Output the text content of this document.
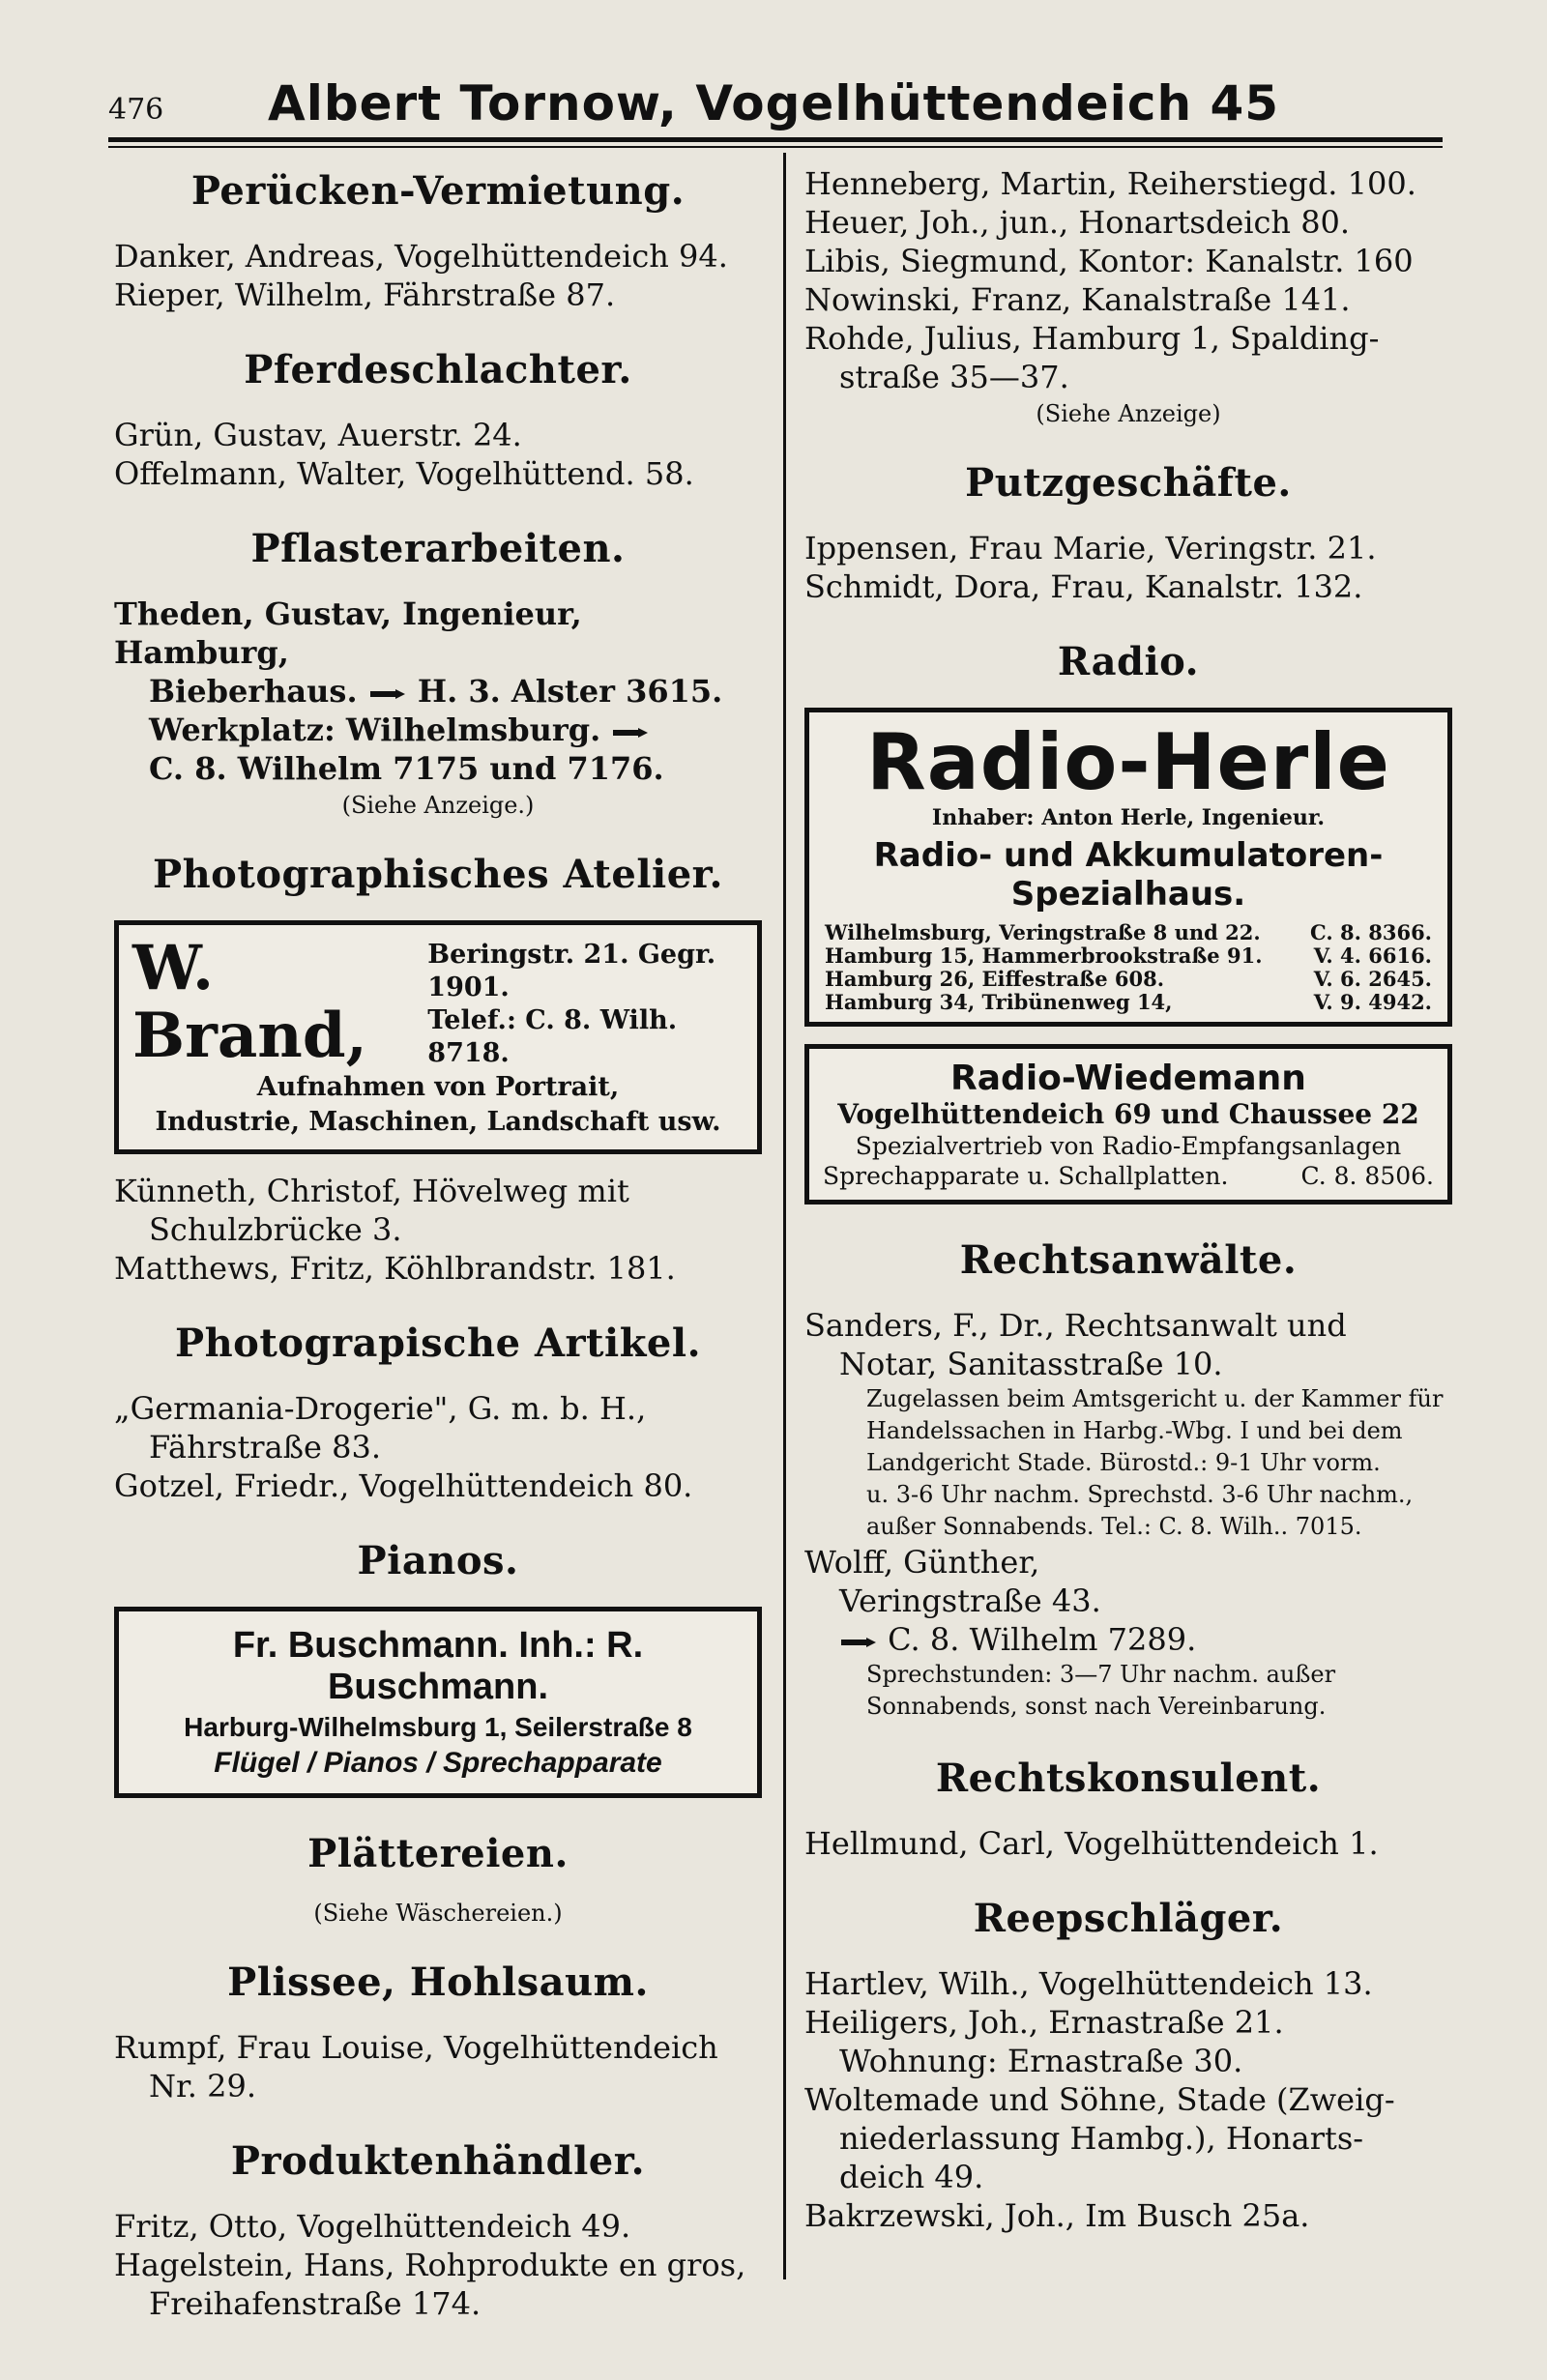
476 Albert Tornow, Vogelhüttendeich 45
Perücken-Vermietung.

Danker, Andreas, Vogelhüttendeich 94.

Rieper, Wilhelm, Fährstraße 87.

Pferdeschlachter.

Grün, Gustav, Auerstr. 24.

Offelmann, Walter, Vogelhüttend. 58.

Pflasterarbeiten.

Theden, Gustav, Ingenieur, Hamburg,

Bieberhaus. H. 3. Alster 3615.

Werkplatz: Wilhelmsburg.

C. 8. Wilhelm 7175 und 7176.

(Siehe Anzeige.)
Photographisches Atelier.
W. Brand,
Beringstr. 21. Gegr. 1901.
Telef.: C. 8. Wilh. 8718.
Aufnahmen von Portrait,
Industrie, Maschinen, Landschaft usw.

Künneth, Christof, Hövelweg mit

Schulzbrücke 3.

Matthews, Fritz, Köhlbrandstr. 181.

Photograpische Artikel.

„Germania-Drogerie", G. m. b. H.,

Fährstraße 83.

Gotzel, Friedr., Vogelhüttendeich 80.

Pianos.
Fr. Buschmann. Inh.: R. Buschmann.
Harburg-Wilhelmsburg 1, Seilerstraße 8
Flügel / Pianos / Sprechapparate
Plättereien.
(Siehe Wäschereien.)
Plissee, Hohlsaum.

Rumpf, Frau Louise, Vogelhüttendeich

Nr. 29.

Produktenhändler.

Fritz, Otto, Vogelhüttendeich 49.

Hagelstein, Hans, Rohprodukte en gros,

Freihafenstraße 174.

Henneberg, Martin, Reiherstiegd. 100.

Heuer, Joh., jun., Honartsdeich 80.

Libis, Siegmund, Kontor: Kanalstr. 160

Nowinski, Franz, Kanalstraße 141.

Rohde, Julius, Hamburg 1, Spalding-

straße 35—37.

(Siehe Anzeige)
Putzgeschäfte.

Ippensen, Frau Marie, Veringstr. 21.

Schmidt, Dora, Frau, Kanalstr. 132.

Radio.
Radio-Herle
Inhaber: Anton Herle, Ingenieur.
Radio- und Akkumulatoren-Spezialhaus.
Wilhelmsburg, Veringstraße 8 und 22. C. 8. 8366.
Hamburg 15, Hammerbrookstraße 91.	V. 4. 6616.
Hamburg 26, Eiffestraße 608.	V. 6. 2645.
Hamburg 34, Tribünenweg 14,	V. 9. 4942.
Radio-Wiedemann
Vogelhüttendeich 69 und Chaussee 22
Spezialvertrieb von Radio-Empfangsanlagen
Sprechapparate u. Schallplatten.	C. 8. 8506.
Rechtsanwälte.

Sanders, F., Dr., Rechtsanwalt und

Notar, Sanitasstraße 10.

Zugelassen beim Amtsgericht u. der Kammer für
Handelssachen in Harbg.-Wbg. I und bei dem
Landgericht Stade. Bürostd.: 9-1 Uhr vorm.
u. 3-6 Uhr nachm. Sprechstd. 3-6 Uhr nachm.,
außer Sonnabends. Tel.: C. 8. Wilh.. 7015.

Wolff, Günther,

Veringstraße 43.

C. 8. Wilhelm 7289.

Sprechstunden: 3—7 Uhr nachm. außer
Sonnabends, sonst nach Vereinbarung.
Rechtskonsulent.

Hellmund, Carl, Vogelhüttendeich 1.

Reepschläger.

Hartlev, Wilh., Vogelhüttendeich 13.

Heiligers, Joh., Ernastraße 21.

Wohnung: Ernastraße 30.

Woltemade und Söhne, Stade (Zweig-

niederlassung Hambg.), Honarts-

deich 49.

Bakrzewski, Joh., Im Busch 25a.
